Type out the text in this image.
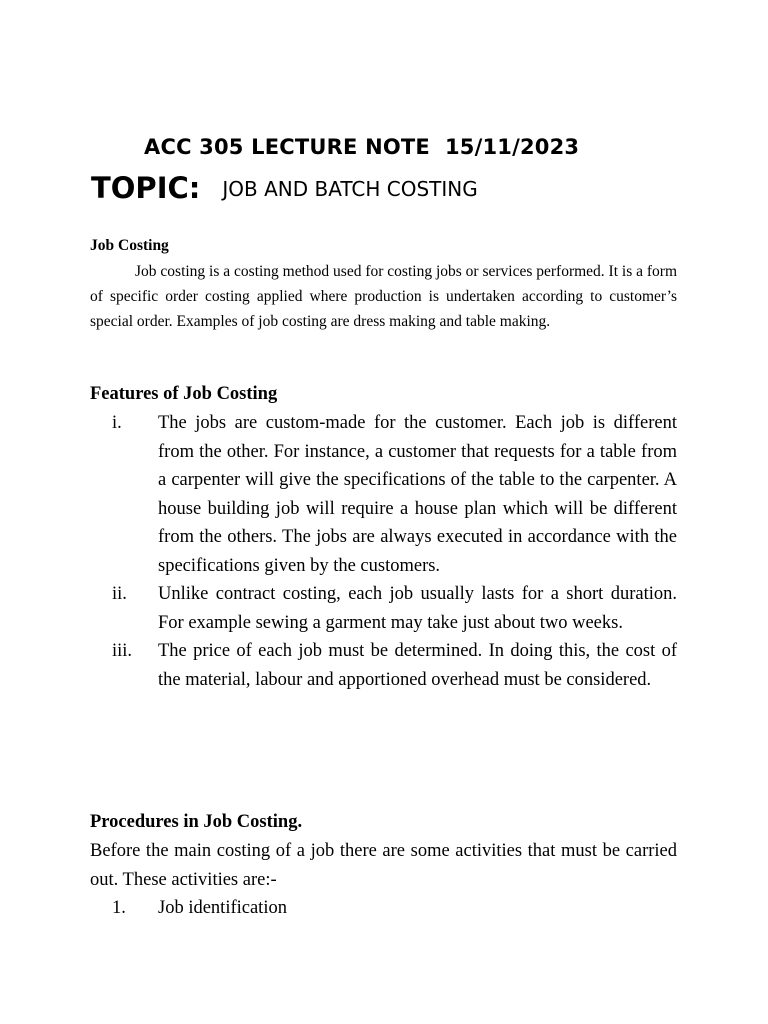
ACC 305 LECTURE NOTE  15/11/2023
TOPIC: JOB AND BATCH COSTING
Job Costing

Job costing is a costing method used for costing jobs or services performed. It is a form of specific order costing applied where production is undertaken according to customer’s special order. Examples of job costing are dress making and table making.

Features of Job Costing
i. The jobs are custom-made for the customer. Each job is different from the other. For instance, a customer that requests for a table from a carpenter will give the specifications of the table to the carpenter. A house building job will require a house plan which will be different from the others. The jobs are always executed in accordance with the specifications given by the customers.
ii. Unlike contract costing, each job usually lasts for a short duration. For example sewing a garment may take just about two weeks.
iii. The price of each job must be determined. In doing this, the cost of the material, labour and apportioned overhead must be considered.
Procedures in Job Costing.

Before the main costing of a job there are some activities that must be carried out. These activities are:-

1. Job identification
